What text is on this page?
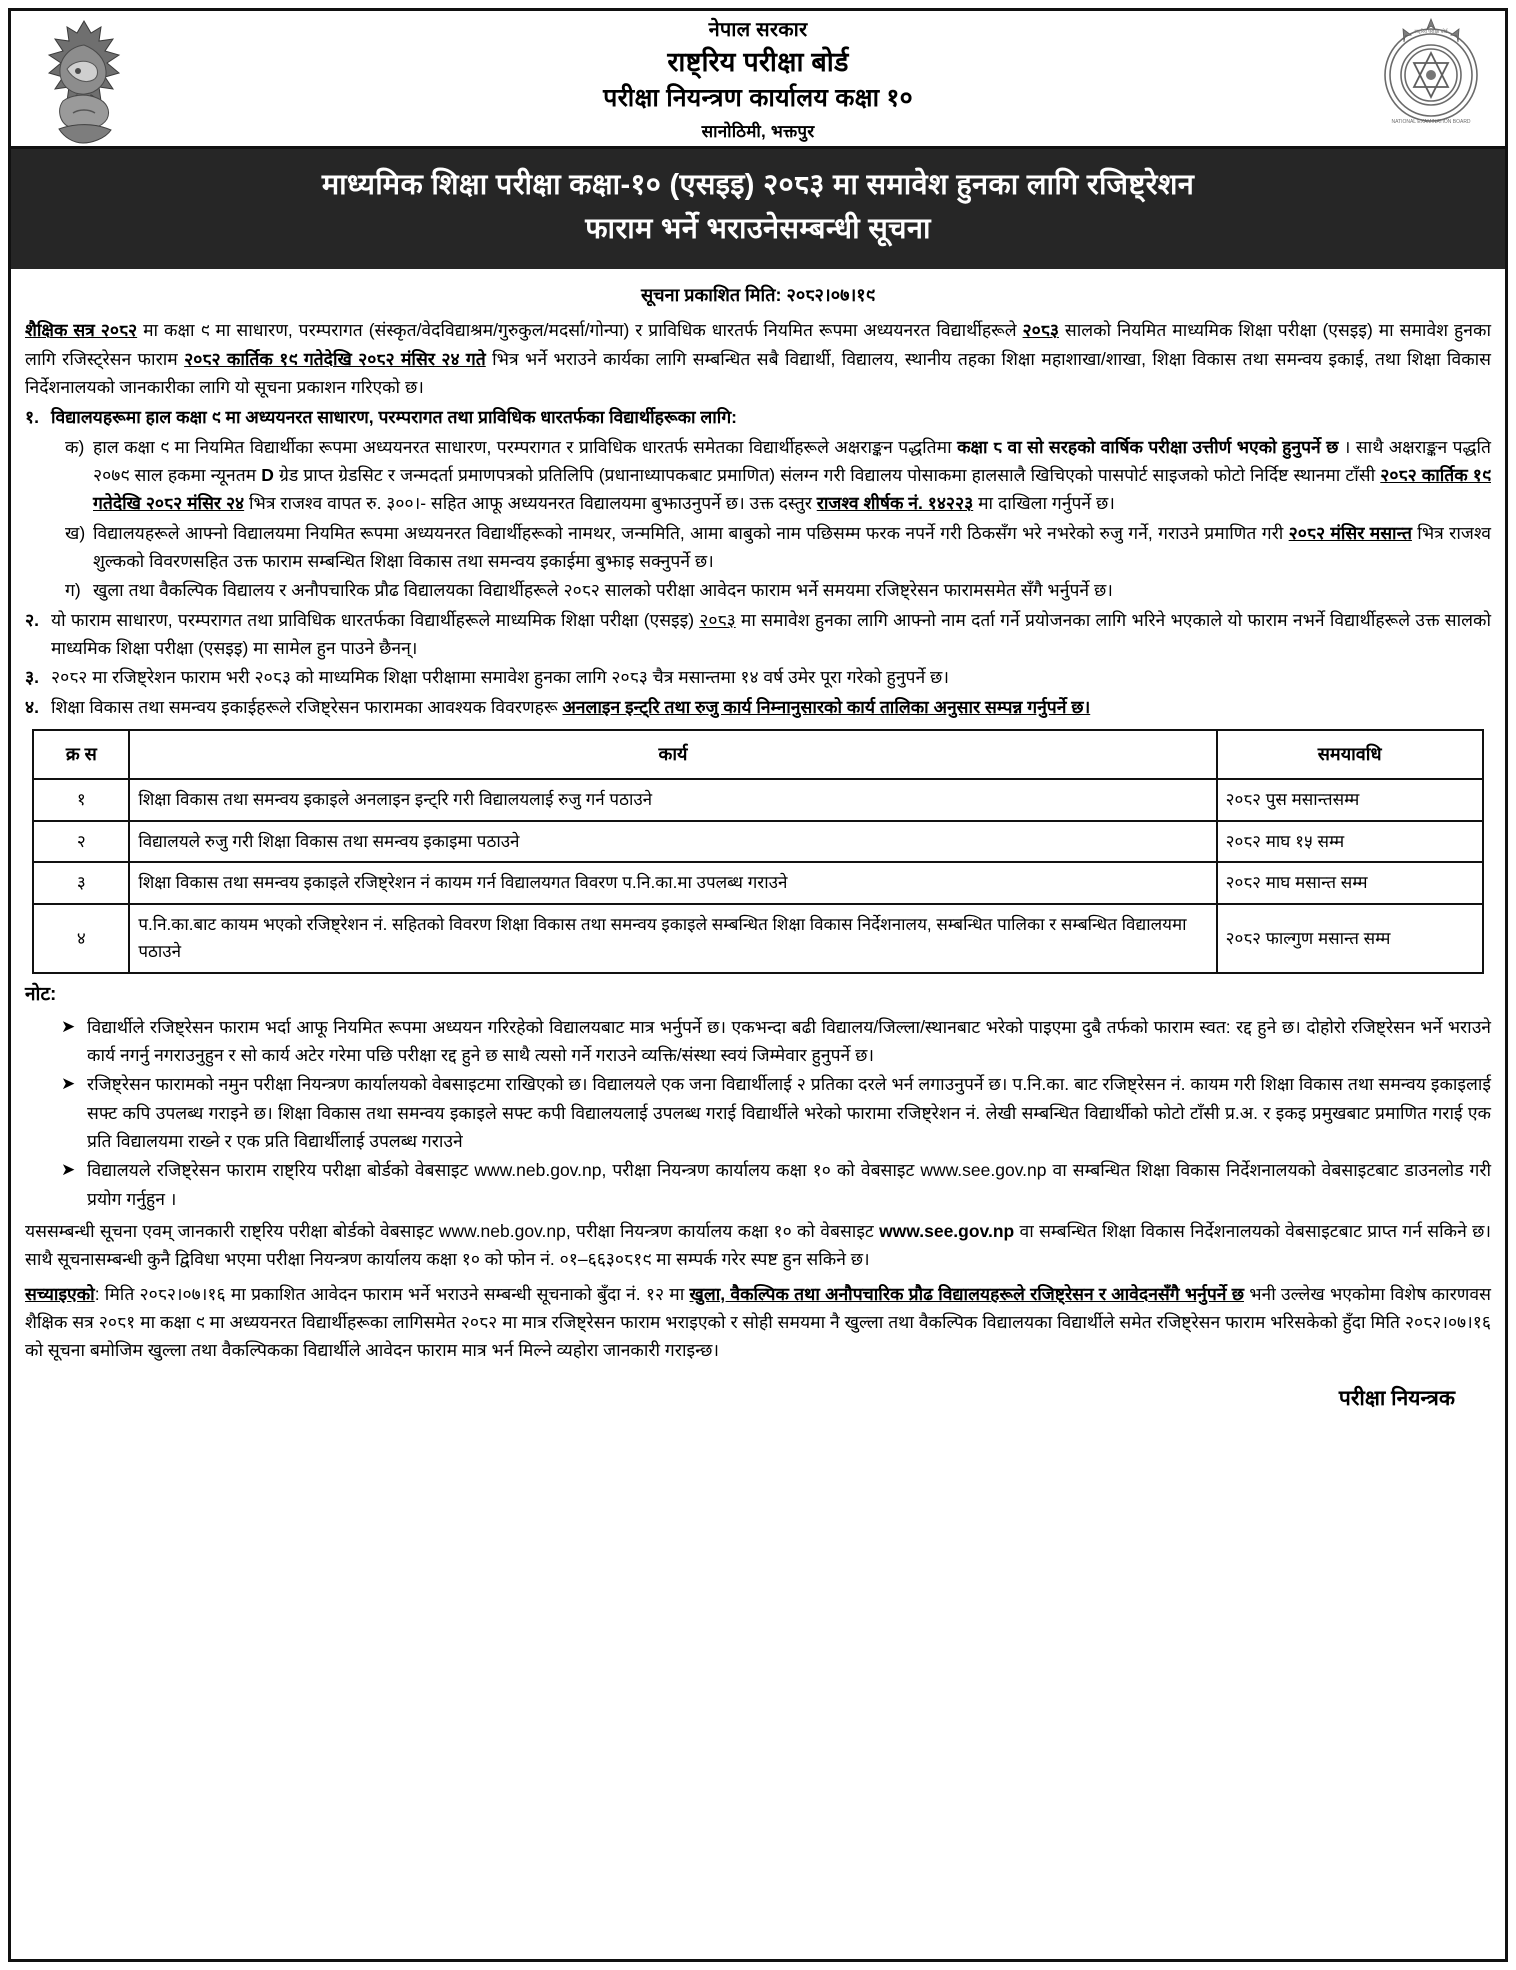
नेपाल सरकार
राष्ट्रिय परीक्षा बोर्ड
परीक्षा नियन्त्रण कार्यालय कक्षा १०
सानोठिमी, भक्तपुर
राष्ट्रिय परीक्षा बोर्ड
NATIONAL EXAMINATION BOARD
माध्यमिक शिक्षा परीक्षा कक्षा-१० (एसइइ) २०८३ मा समावेश हुनका लागि रजिष्ट्रेशन
फाराम भर्ने भराउनेसम्बन्धी सूचना
सूचना प्रकाशित मिति: २०८२।०७।१९

शैक्षिक सत्र २०८२ मा कक्षा ९ मा साधारण, परम्परागत (संस्कृत/वेदविद्याश्रम/गुरुकुल/मदर्सा/गोन्पा) र प्राविधिक धारतर्फ नियमित रूपमा अध्ययनरत विद्यार्थीहरूले २०८३ सालको नियमित माध्यमिक शिक्षा परीक्षा (एसइइ) मा समावेश हुनका लागि रजिस्ट्रेसन फाराम २०८२ कार्तिक १९ गतेदेखि २०८२ मंसिर २४ गते भित्र भर्ने भराउने कार्यका लागि सम्बन्धित सबै विद्यार्थी, विद्यालय, स्थानीय तहका शिक्षा महाशाखा/शाखा, शिक्षा विकास तथा समन्वय इकाई, तथा शिक्षा विकास निर्देशनालयको जानकारीका लागि यो सूचना प्रकाशन गरिएको छ।

१. विद्यालयहरूमा हाल कक्षा ९ मा अध्ययनरत साधारण, परम्परागत तथा प्राविधिक धारतर्फका विद्यार्थीहरूका लागि:
क) हाल कक्षा ९ मा नियमित विद्यार्थीका रूपमा अध्ययनरत साधारण, परम्परागत र प्राविधिक धारतर्फ समेतका विद्यार्थीहरूले अक्षराङ्कन पद्धतिमा कक्षा ८ वा सो सरहको वार्षिक परीक्षा उत्तीर्ण भएको हुनुपर्ने छ । साथै अक्षराङ्कन पद्धति २०७९ साल हकमा न्यूनतम D ग्रेड प्राप्त ग्रेडसिट र जन्मदर्ता प्रमाणपत्रको प्रतिलिपि (प्रधानाध्यापकबाट प्रमाणित) संलग्न गरी विद्यालय पोसाकमा हालसालै खिचिएको पासपोर्ट साइजको फोटो निर्दिष्ट स्थानमा टाँसी २०८२ कार्तिक १९ गतेदेखि २०८२ मंसिर २४ भित्र राजश्व वापत रु. ३००।- सहित आफू अध्ययनरत विद्यालयमा बुझाउनुपर्ने छ। उक्त दस्तुर राजश्व शीर्षक नं. १४२२३ मा दाखिला गर्नुपर्ने छ।
ख) विद्यालयहरूले आफ्नो विद्यालयमा नियमित रूपमा अध्ययनरत विद्यार्थीहरूको नामथर, जन्ममिति, आमा बाबुको नाम पछिसम्म फरक नपर्ने गरी ठिकसँग भरे नभरेको रुजु गर्ने, गराउने प्रमाणित गरी २०८२ मंसिर मसान्त भित्र राजश्व शुल्कको विवरणसहित उक्त फाराम सम्बन्धित शिक्षा विकास तथा समन्वय इकाईमा बुझाइ सक्नुपर्ने छ।
ग) खुला तथा वैकल्पिक विद्यालय र अनौपचारिक प्रौढ विद्यालयका विद्यार्थीहरूले २०८२ सालको परीक्षा आवेदन फाराम भर्ने समयमा रजिष्ट्रेसन फारामसमेत सँगै भर्नुपर्ने छ।
२. यो फाराम साधारण, परम्परागत तथा प्राविधिक धारतर्फका विद्यार्थीहरूले माध्यमिक शिक्षा परीक्षा (एसइइ) २०८३ मा समावेश हुनका लागि आफ्नो नाम दर्ता गर्ने प्रयोजनका लागि भरिने भएकाले यो फाराम नभर्ने विद्यार्थीहरूले उक्त सालको माध्यमिक शिक्षा परीक्षा (एसइइ) मा सामेल हुन पाउने छैनन्।
३. २०८२ मा रजिष्ट्रेशन फाराम भरी २०८३ को माध्यमिक शिक्षा परीक्षामा समावेश हुनका लागि २०८३ चैत्र मसान्तमा १४ वर्ष उमेर पूरा गरेको हुनुपर्ने छ।
४. शिक्षा विकास तथा समन्वय इकाईहरूले रजिष्ट्रेसन फारामका आवश्यक विवरणहरू अनलाइन इन्ट्रि तथा रुजु कार्य निम्नानुसारको कार्य तालिका अनुसार सम्पन्न गर्नुपर्ने छ।
क्र स	कार्य	समयावधि
१	शिक्षा विकास तथा समन्वय इकाइले अनलाइन इन्ट्रि गरी विद्यालयलाई रुजु गर्न पठाउने	२०८२ पुस मसान्तसम्म
२	विद्यालयले रुजु गरी शिक्षा विकास तथा समन्वय इकाइमा पठाउने	२०८२ माघ १५ सम्म
३	शिक्षा विकास तथा समन्वय इकाइले रजिष्ट्रेशन नं कायम गर्न विद्यालयगत विवरण प.नि.का.मा उपलब्ध गराउने	२०८२ माघ मसान्त सम्म
४	प.नि.का.बाट कायम भएको रजिष्ट्रेशन नं. सहितको विवरण शिक्षा विकास तथा समन्वय इकाइले सम्बन्धित शिक्षा विकास निर्देशनालय, सम्बन्धित पालिका र सम्बन्धित विद्यालयमा पठाउने	२०८२ फाल्गुण मसान्त सम्म
नोट:
➤ विद्यार्थीले रजिष्ट्रेसन फाराम भर्दा आफू नियमित रूपमा अध्ययन गरिरहेको विद्यालयबाट मात्र भर्नुपर्ने छ। एकभन्दा बढी विद्यालय/जिल्ला/स्थानबाट भरेको पाइएमा दुबै तर्फको फाराम स्वत: रद्द हुने छ। दोहोरो रजिष्ट्रेसन भर्ने भराउने कार्य नगर्नु नगराउनुहुन र सो कार्य अटेर गरेमा पछि परीक्षा रद्द हुने छ साथै त्यसो गर्ने गराउने व्यक्ति/संस्था स्वयं जिम्मेवार हुनुपर्ने छ।
➤ रजिष्ट्रेसन फारामको नमुन परीक्षा नियन्त्रण कार्यालयको वेबसाइटमा राखिएको छ। विद्यालयले एक जना विद्यार्थीलाई २ प्रतिका दरले भर्न लगाउनुपर्ने छ। प.नि.का. बाट रजिष्ट्रेसन नं. कायम गरी शिक्षा विकास तथा समन्वय इकाइलाई सफ्ट कपि उपलब्ध गराइने छ। शिक्षा विकास तथा समन्वय इकाइले सफ्ट कपी विद्यालयलाई उपलब्ध गराई विद्यार्थीले भरेको फारामा रजिष्ट्रेशन नं. लेखी सम्बन्धित विद्यार्थीको फोटो टाँसी प्र.अ. र इकइ प्रमुखबाट प्रमाणित गराई एक प्रति विद्यालयमा राख्ने र एक प्रति विद्यार्थीलाई उपलब्ध गराउने
➤ विद्यालयले रजिष्ट्रेसन फाराम राष्ट्रिय परीक्षा बोर्डको वेबसाइट www.neb.gov.np, परीक्षा नियन्त्रण कार्यालय कक्षा १० को वेबसाइट www.see.gov.np वा सम्बन्धित शिक्षा विकास निर्देशनालयको वेबसाइटबाट डाउनलोड गरी प्रयोग गर्नुहुन ।

यससम्बन्धी सूचना एवम् जानकारी राष्ट्रिय परीक्षा बोर्डको वेबसाइट www.neb.gov.np, परीक्षा नियन्त्रण कार्यालय कक्षा १० को वेबसाइट www.see.gov.np वा सम्बन्धित शिक्षा विकास निर्देशनालयको वेबसाइटबाट प्राप्त गर्न सकिने छ। साथै सूचनासम्बन्धी कुनै द्विविधा भएमा परीक्षा नियन्त्रण कार्यालय कक्षा १० को फोन नं. ०१–६६३०८१९ मा सम्पर्क गरेर स्पष्ट हुन सकिने छ।

सच्याइएको: मिति २०८२।०७।१६ मा प्रकाशित आवेदन फाराम भर्ने भराउने सम्बन्धी सूचनाको बुँदा नं. १२ मा खुला, वैकल्पिक तथा अनौपचारिक प्रौढ विद्यालयहरूले रजिष्ट्रेसन र आवेदनसँगै भर्नुपर्ने छ भनी उल्लेख भएकोमा विशेष कारणवस शैक्षिक सत्र २०८१ मा कक्षा ९ मा अध्ययनरत विद्यार्थीहरूका लागिसमेत २०८२ मा मात्र रजिष्ट्रेसन फाराम भराइएको र सोही समयमा नै खुल्ला तथा वैकल्पिक विद्यालयका विद्यार्थीले समेत रजिष्ट्रेसन फाराम भरिसकेको हुँदा मिति २०८२।०७।१६ को सूचना बमोजिम खुल्ला तथा वैकल्पिकका विद्यार्थीले आवेदन फाराम मात्र भर्न मिल्ने व्यहोरा जानकारी गराइन्छ।

परीक्षा नियन्त्रक
